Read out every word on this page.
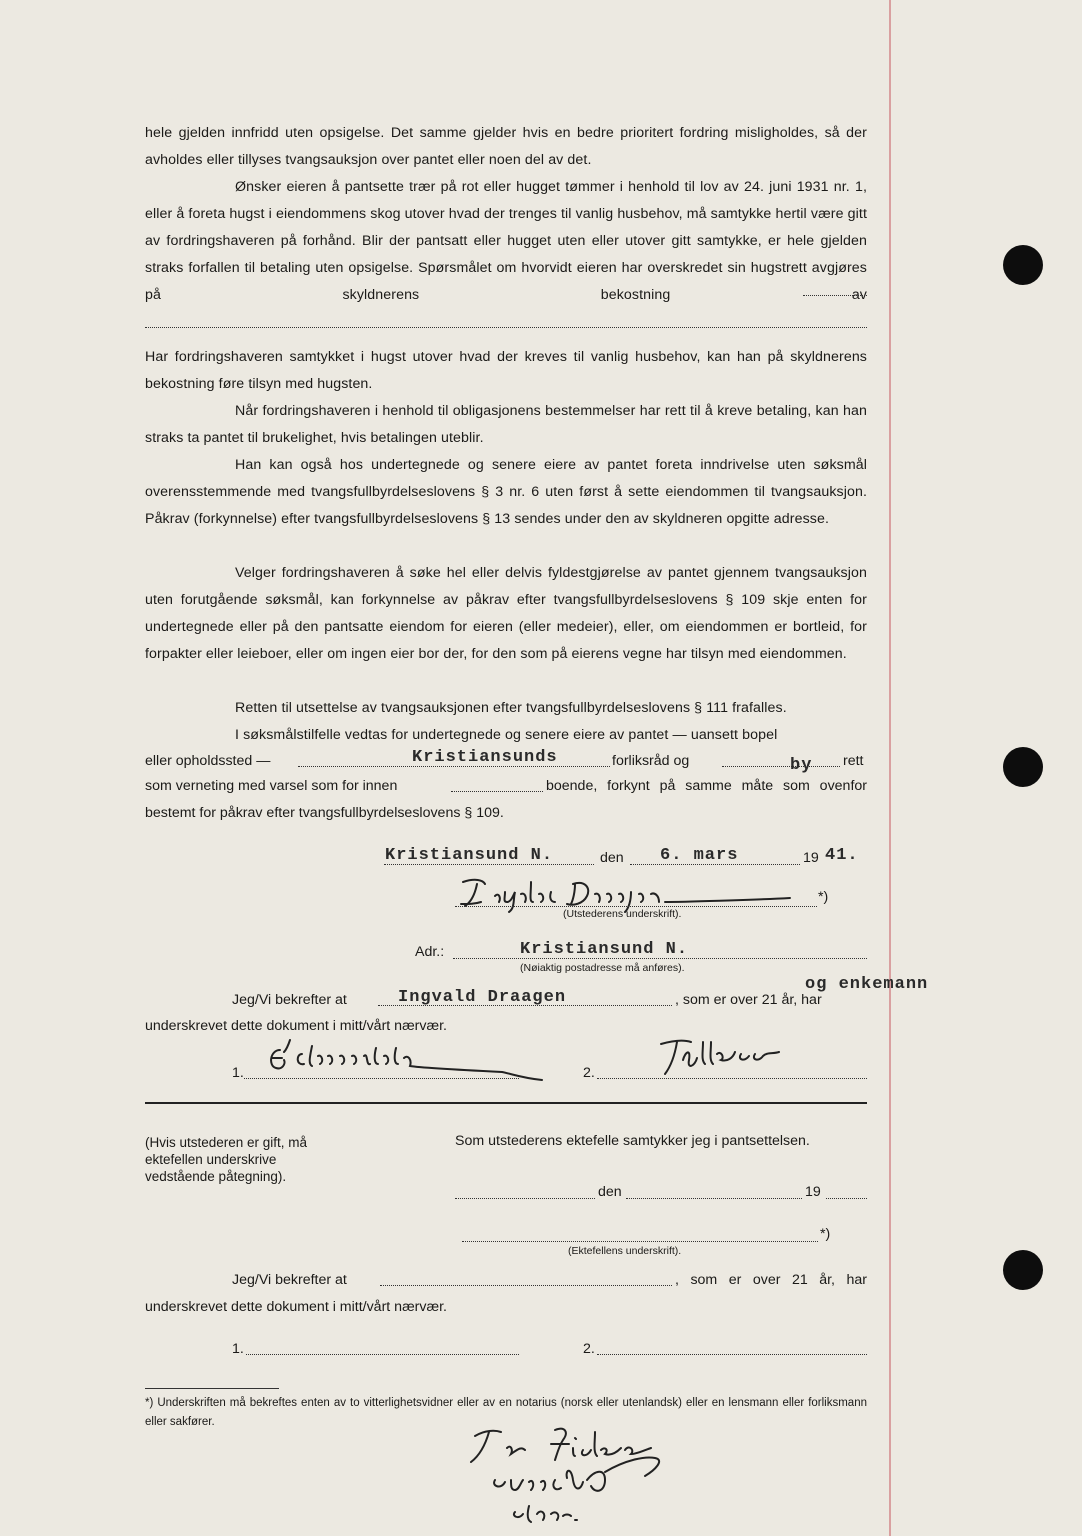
hele gjelden innfridd uten opsigelse. Det samme gjelder hvis en bedre prioritert fordring misligholdes, så der avholdes eller tillyses tvangsauksjon over pantet eller noen del av det.
Ønsker eieren å pantsette trær på rot eller hugget tømmer i henhold til lov av 24. juni 1931 nr. 1, eller å foreta hugst i eiendommens skog utover hvad der trenges til vanlig husbehov, må samtykke hertil være gitt av fordringshaveren på forhånd. Blir der pantsatt eller hugget uten eller utover gitt samtykke, er hele gjelden straks forfallen til betaling uten opsigelse. Spørsmålet om hvorvidt eieren har overskredet sin hugstrett avgjøres på skyldnerens bekostning av
Har fordringshaveren samtykket i hugst utover hvad der kreves til vanlig husbehov, kan han på skyldnerens bekostning føre tilsyn med hugsten.
Når fordringshaveren i henhold til obligasjonens bestemmelser har rett til å kreve betaling, kan han straks ta pantet til brukelighet, hvis betalingen uteblir.
Han kan også hos undertegnede og senere eiere av pantet foreta inndrivelse uten søksmål overensstemmende med tvangsfullbyrdelseslovens § 3 nr. 6 uten først å sette eiendommen til tvangsauksjon. Påkrav (forkynnelse) efter tvangsfullbyrdelseslovens § 13 sendes under den av skyldneren opgitte adresse.
Velger fordringshaveren å søke hel eller delvis fyldestgjørelse av pantet gjennem tvangsauksjon uten forutgående søksmål, kan forkynnelse av påkrav efter tvangsfullbyrdelseslovens § 109 skje enten for undertegnede eller på den pantsatte eiendom for eieren (eller medeier), eller, om eiendommen er bortleid, for forpakter eller leieboer, eller om ingen eier bor der, for den som på eierens vegne har tilsyn med eiendommen.
Retten til utsettelse av tvangsauksjonen efter tvangsfullbyrdelseslovens § 111 frafalles.
I søksmålstilfelle vedtas for undertegnede og senere eiere av pantet — uansett bopel
eller opholdssted —	Kristiansunds	forliksråd og	by rett
som verneting med varsel som for innen	boende, forkynt på samme måte som ovenfor
bestemt for påkrav efter tvangsfullbyrdelseslovens § 109.
Kristiansund N.	den 6. mars	19 41.
*)
(Utstederens underskrift).
Adr.:	Kristiansund N.
(Nøiaktig postadresse må anføres).
Jeg/Vi bekrefter at	Ingvald Draagen	, som er over 21 år, har
og enkemann
underskrevet dette dokument i mitt/vårt nærvær.
1.	2.
(Hvis utstederen er gift, må ektefellen underskrive vedstående påtegning).
Som utstederens ektefelle samtykker jeg i pantsettelsen.
den	19
*)
(Ektefellens underskrift).
Jeg/Vi bekrefter at	, som er over 21 år, har
underskrevet dette dokument i mitt/vårt nærvær.
1.	2.
*) Underskriften må bekreftes enten av to vitterlighetsvidner eller av en notarius (norsk eller utenlandsk) eller en lensmann eller forliksmann eller sakfører.
